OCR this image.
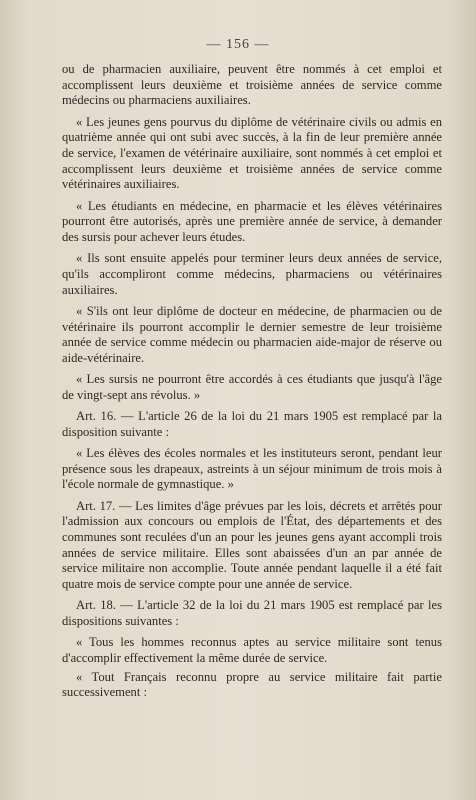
— 156 —

ou de pharmacien auxiliaire, peuvent être nommés à cet emploi et accomplissent leurs deuxième et troisième années de service comme médecins ou pharmaciens auxiliaires.

« Les jeunes gens pourvus du diplôme de vétérinaire civils ou admis en quatrième année qui ont subi avec succès, à la fin de leur première année de service, l'examen de vétérinaire auxiliaire, sont nommés à cet emploi et accomplissent leurs deuxième et troisième années de service comme vétérinaires auxiliaires.

« Les étudiants en médecine, en pharmacie et les élèves vétérinaires pourront être autorisés, après une première année de service, à demander des sursis pour achever leurs études.

« Ils sont ensuite appelés pour terminer leurs deux années de service, qu'ils accompliront comme médecins, pharmaciens ou vétérinaires auxiliaires.

« S'ils ont leur diplôme de docteur en médecine, de pharmacien ou de vétérinaire ils pourront accomplir le dernier semestre de leur troisième année de service comme médecin ou pharmacien aide-major de réserve ou aide-vétérinaire.

« Les sursis ne pourront être accordés à ces étudiants que jusqu'à l'âge de vingt-sept ans révolus. »

Art. 16. — L'article 26 de la loi du 21 mars 1905 est remplacé par la disposition suivante :

« Les élèves des écoles normales et les instituteurs seront, pendant leur présence sous les drapeaux, astreints à un séjour minimum de trois mois à l'école normale de gymnastique. »

Art. 17. — Les limites d'âge prévues par les lois, décrets et arrêtés pour l'admission aux concours ou emplois de l'État, des départements et des communes sont reculées d'un an pour les jeunes gens ayant accompli trois années de service militaire. Elles sont abaissées d'un an par année de service militaire non accomplie. Toute année pendant laquelle il a été fait quatre mois de service compte pour une année de service.

Art. 18. — L'article 32 de la loi du 21 mars 1905 est remplacé par les dispositions suivantes :

« Tous les hommes reconnus aptes au service militaire sont tenus d'accomplir effectivement la même durée de service.

« Tout Français reconnu propre au service militaire fait partie successivement :
